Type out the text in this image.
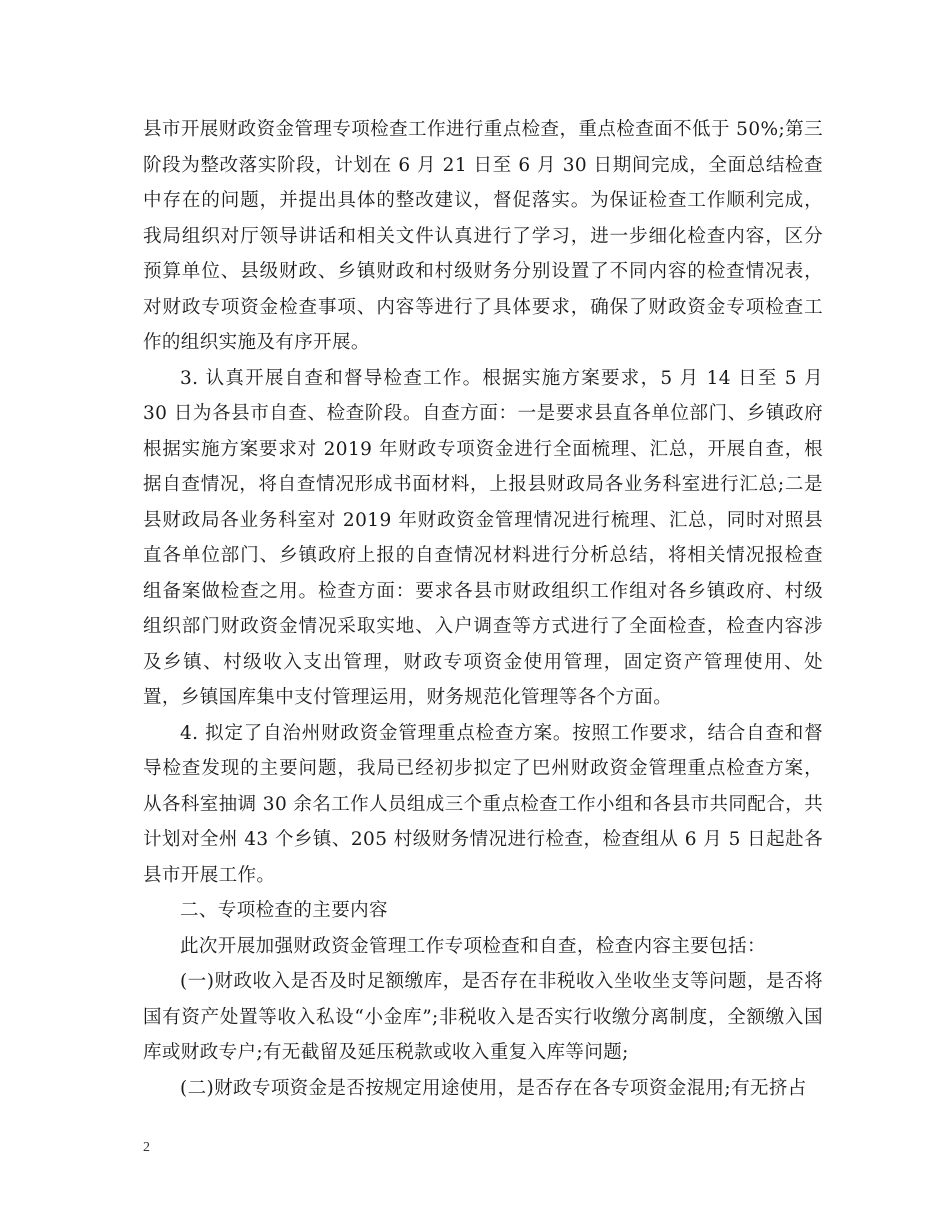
县市开展财政资金管理专项检查工作进行重点检查，重点检查面不低于 50%;第三阶段为整改落实阶段，计划在 6 月 21 日至 6 月 30 日期间完成，全面总结检查中存在的问题，并提出具体的整改建议，督促落实。为保证检查工作顺利完成，我局组织对厅领导讲话和相关文件认真进行了学习，进一步细化检查内容，区分预算单位、县级财政、乡镇财政和村级财务分别设置了不同内容的检查情况表，对财政专项资金检查事项、内容等进行了具体要求，确保了财政资金专项检查工作的组织实施及有序开展。

3. 认真开展自查和督导检查工作。根据实施方案要求，5 月 14 日至 5 月 30 日为各县市自查、检查阶段。自查方面：一是要求县直各单位部门、乡镇政府根据实施方案要求对 2019 年财政专项资金进行全面梳理、汇总，开展自查，根据自查情况，将自查情况形成书面材料，上报县财政局各业务科室进行汇总;二是县财政局各业务科室对 2019 年财政资金管理情况进行梳理、汇总，同时对照县直各单位部门、乡镇政府上报的自查情况材料进行分析总结，将相关情况报检查组备案做检查之用。检查方面：要求各县市财政组织工作组对各乡镇政府、村级组织部门财政资金情况采取实地、入户调查等方式进行了全面检查，检查内容涉及乡镇、村级收入支出管理，财政专项资金使用管理，固定资产管理使用、处置，乡镇国库集中支付管理运用，财务规范化管理等各个方面。

4. 拟定了自治州财政资金管理重点检查方案。按照工作要求，结合自查和督导检查发现的主要问题，我局已经初步拟定了巴州财政资金管理重点检查方案，从各科室抽调 30 余名工作人员组成三个重点检查工作小组和各县市共同配合，共计划对全州 43 个乡镇、205 村级财务情况进行检查，检查组从 6 月 5 日起赴各县市开展工作。

二、专项检查的主要内容

此次开展加强财政资金管理工作专项检查和自查，检查内容主要包括：

(一)财政收入是否及时足额缴库，是否存在非税收入坐收坐支等问题，是否将国有资产处置等收入私设“小金库”;非税收入是否实行收缴分离制度，全额缴入国库或财政专户;有无截留及延压税款或收入重复入库等问题;

(二)财政专项资金是否按规定用途使用，是否存在各专项资金混用;有无挤占

2
